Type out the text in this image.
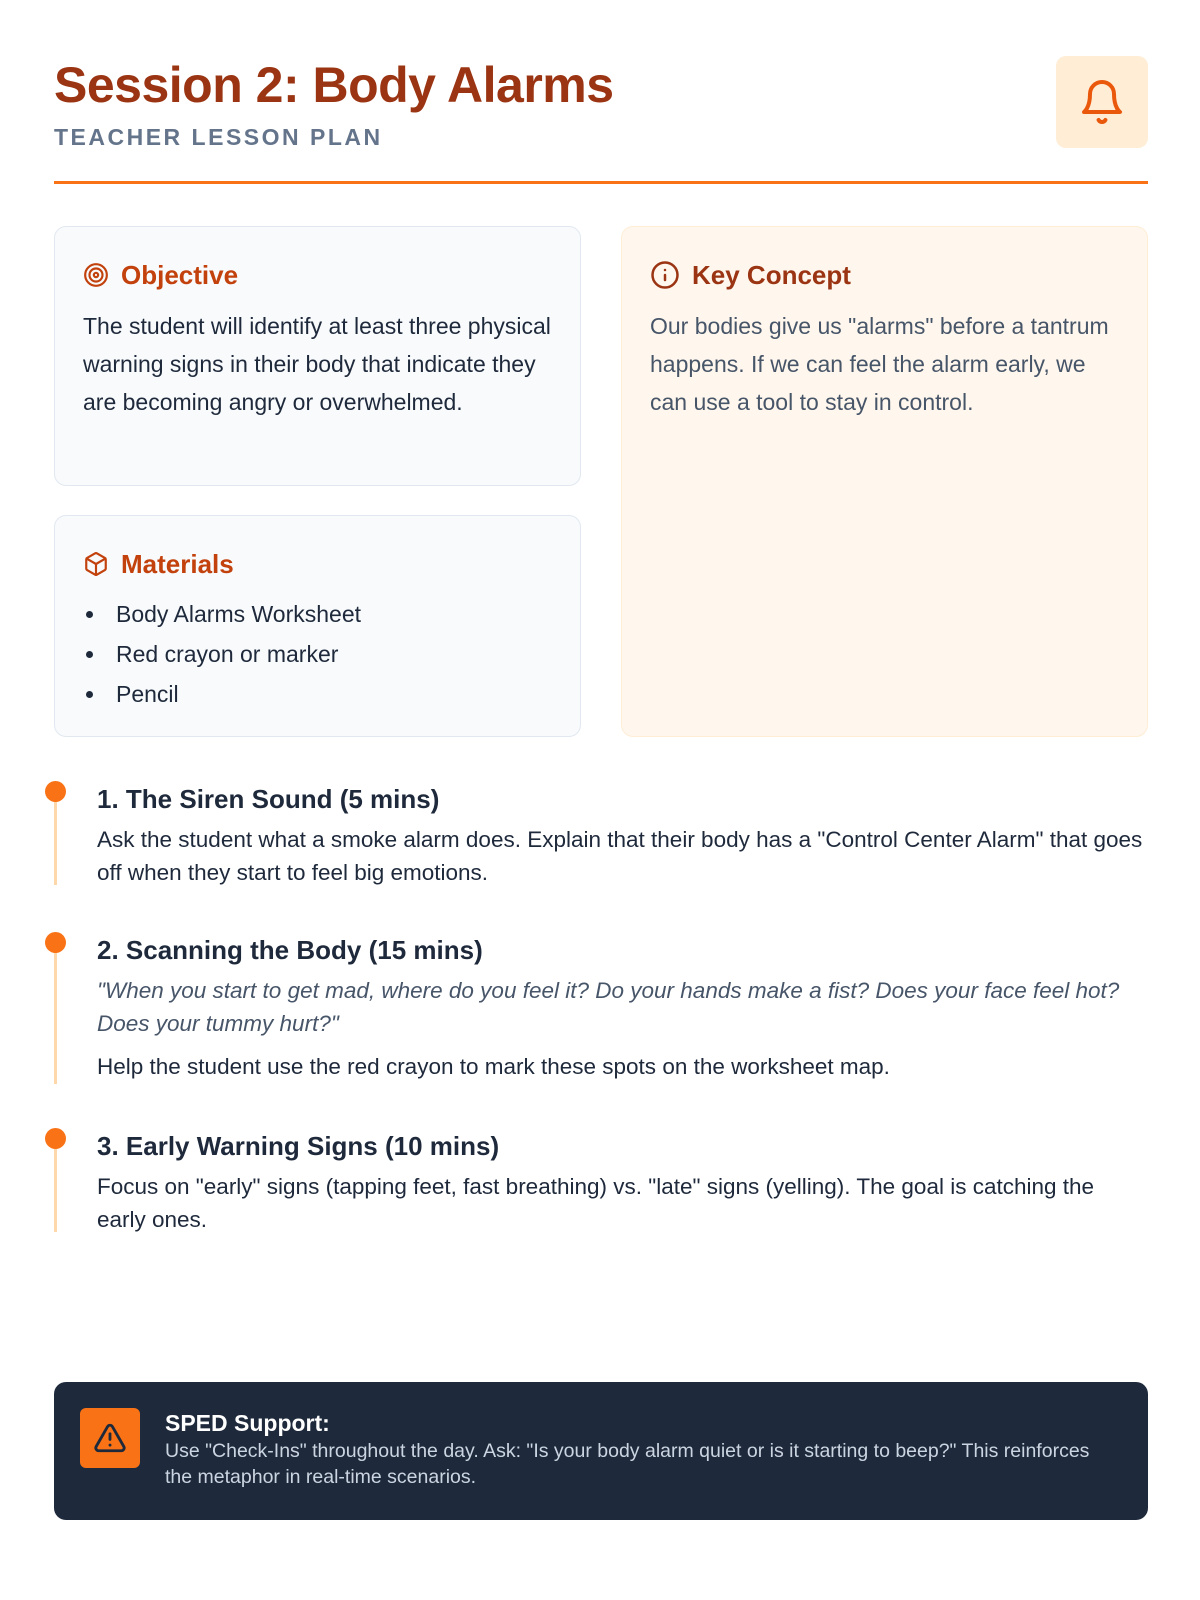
Session 2: Body Alarms
TEACHER LESSON PLAN
Objective

The student will identify at least three physical warning signs in their body that indicate they are becoming angry or overwhelmed.

Materials
Body Alarms Worksheet
Red crayon or marker
Pencil
Key Concept

Our bodies give us "alarms" before a tantrum happens. If we can feel the alarm early, we can use a tool to stay in control.

1. The Siren Sound (5 mins)

Ask the student what a smoke alarm does. Explain that their body has a "Control Center Alarm" that goes off when they start to feel big emotions.

2. Scanning the Body (15 mins)

"When you start to get mad, where do you feel it? Do your hands make a fist? Does your face feel hot? Does your tummy hurt?"

Help the student use the red crayon to mark these spots on the worksheet map.

3. Early Warning Signs (10 mins)

Focus on "early" signs (tapping feet, fast breathing) vs. "late" signs (yelling). The goal is catching the early ones.

SPED Support:
Use "Check-Ins" throughout the day. Ask: "Is your body alarm quiet or is it starting to beep?" This reinforces the metaphor in real-time scenarios.
